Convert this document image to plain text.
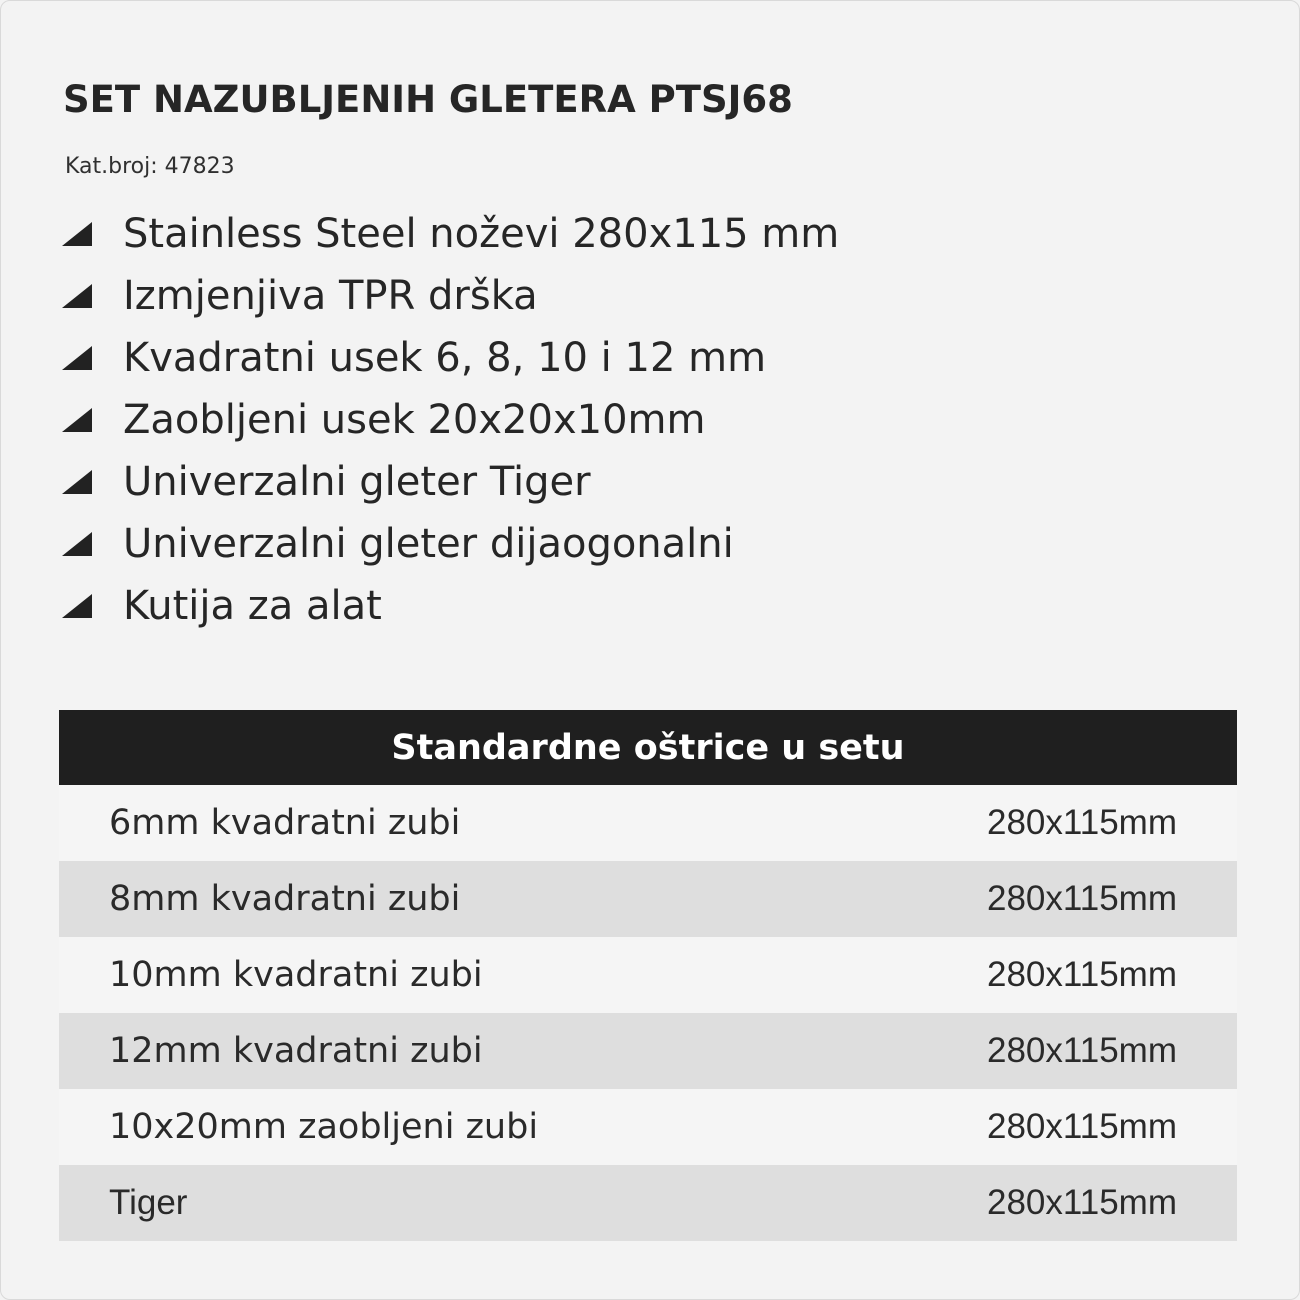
SET NAZUBLJENIH GLETERA PTSJ68
Kat.broj: 47823
Stainless Steel noževi 280x115 mm
Izmjenjiva TPR drška
Kvadratni usek 6, 8, 10 i 12 mm
Zaobljeni usek 20x20x10mm
Univerzalni gleter Tiger
Univerzalni gleter dijaogonalni
Kutija za alat
Standardne oštrice u setu
6mm kvadratni zubi	280x115mm
8mm kvadratni zubi	280x115mm
10mm kvadratni zubi	280x115mm
12mm kvadratni zubi	280x115mm
10x20mm zaobljeni zubi	280x115mm
Tiger	280x115mm
